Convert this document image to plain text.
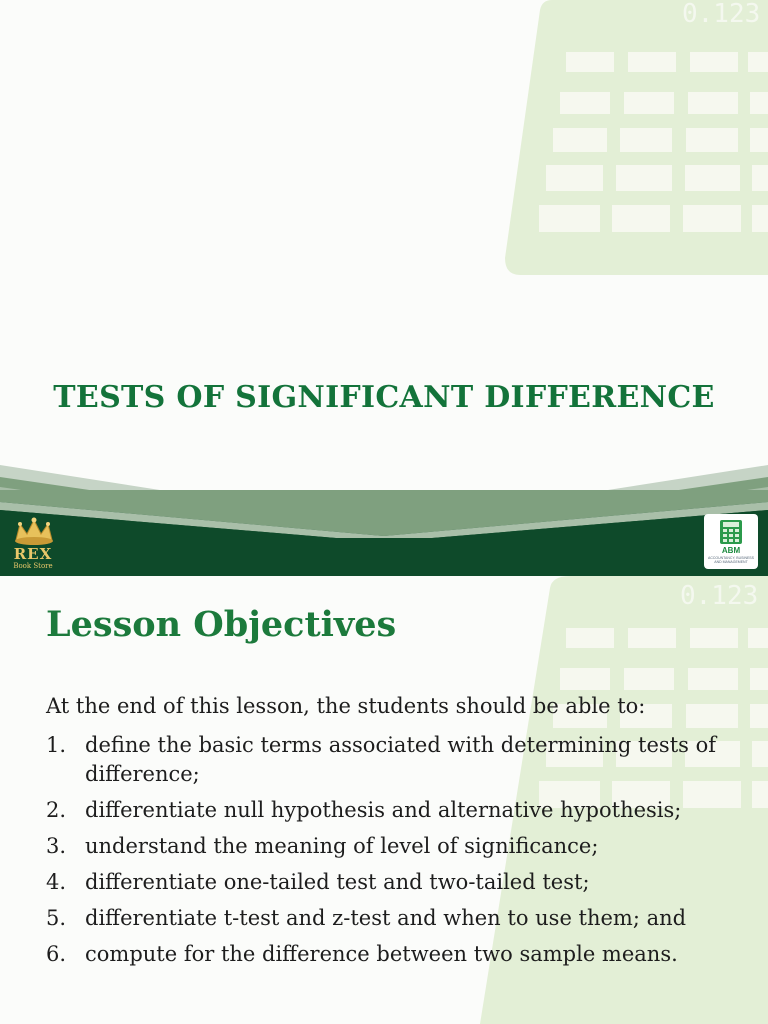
0.123
TESTS OF SIGNIFICANT DIFFERENCE
REX
Book Store
ABM
ACCOUNTANCY, BUSINESS AND MANAGEMENT
0.123
Lesson Objectives
At the end of this lesson, the students should be able to:
1. define the basic terms associated with determining tests of difference;
2. differentiate null hypothesis and alternative hypothesis;
3. understand the meaning of level of significance;
4. differentiate one-tailed test and two-tailed test;
5. differentiate t-test and z-test and when to use them; and
6. compute for the difference between two sample means.
